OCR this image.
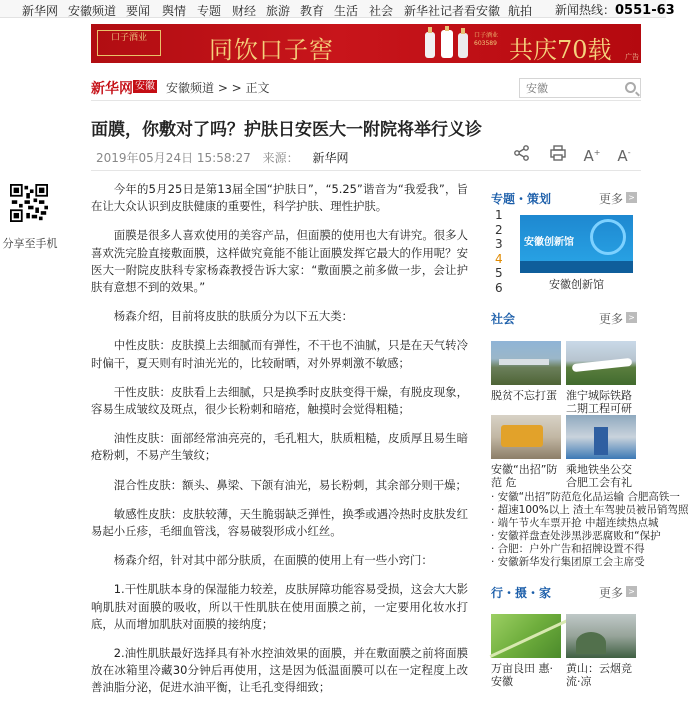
新华网 安徽频道 要闻 舆情 专题 财经 旅游 教育 生活 社会 新华社记者看安徽 航拍 新闻热线：0551-63
口子酒业	同饮口子窖
口子酒业 603589 共庆70载 广告
新华网 安徽 安徽频道 > > 正文
安徽
面膜，你敷对了吗？护肤日安医大一附院将举行义诊
2019年05月24日 15:58:27 来源： 新华网	A+ A-
分享至手机

今年的5月25日是第13届全国“护肤日”，“5.25”谐音为“我爱我”，旨在让大众认识到皮肤健康的重要性，科学护肤、理性护肤。

面膜是很多人喜欢使用的美容产品，但面膜的使用也大有讲究。很多人喜欢洗完脸直接敷面膜，这样做究竟能不能让面膜发挥它最大的作用呢？安医大一附院皮肤科专家杨森教授告诉大家：“敷面膜之前多做一步，会让护肤有意想不到的效果。”

杨森介绍，目前将皮肤的肤质分为以下五大类：

中性皮肤：皮肤摸上去细腻而有弹性，不干也不油腻，只是在天气转冷时偏干，夏天则有时油光光的，比较耐晒，对外界刺激不敏感；

干性皮肤：皮肤看上去细腻，只是换季时皮肤变得干燥，有脱皮现象，容易生成皱纹及斑点，很少长粉刺和暗疮，触摸时会觉得粗糙；

油性皮肤：面部经常油亮亮的，毛孔粗大，肤质粗糙，皮质厚且易生暗疮粉刺，不易产生皱纹；

混合性皮肤：额头、鼻梁、下颌有油光，易长粉刺，其余部分则干燥；

敏感性皮肤：皮肤较薄，天生脆弱缺乏弹性，换季或遇冷热时皮肤发红易起小丘疹，毛细血管浅，容易破裂形成小红丝。

杨森介绍，针对其中部分肤质，在面膜的使用上有一些小窍门：

1.干性肌肤本身的保湿能力较差，皮肤屏障功能容易受损，这会大大影响肌肤对面膜的吸收，所以干性肌肤在使用面膜之前，一定要用化妆水打底，从而增加肌肤对面膜的接纳度；

2.油性肌肤最好选择具有补水控油效果的面膜，并在敷面膜之前将面膜放在冰箱里冷藏30分钟后再使用，这是因为低温面膜可以在一定程度上改善油脂分泌，促进水油平衡，让毛孔变得细致；

专题・策划	更多 >
1
2
3
4
5
6
安徽创新馆
安徽创新馆
社会	更多 >
脱贫不忘打蛋 淮宁城际铁路二期工程可研
安徽“出招”防范 危
乘地铁坐公交 合肥工会有礼
· 安徽“出招”防范危化品运输 合肥高铁一
· 超速100%以上 渣土车驾驶员被吊销驾照
· 端午节火车票开抢 中超连续热点城
· 安徽祥盘查处涉黑涉恶腐败和“保护
· 合肥：户外广告和招牌设置不得
· 安徽新华发行集团原工会主席受
行・摄・家	更多 >
万亩良田 惠·安徽
黄山：云烟竞 流·凉
